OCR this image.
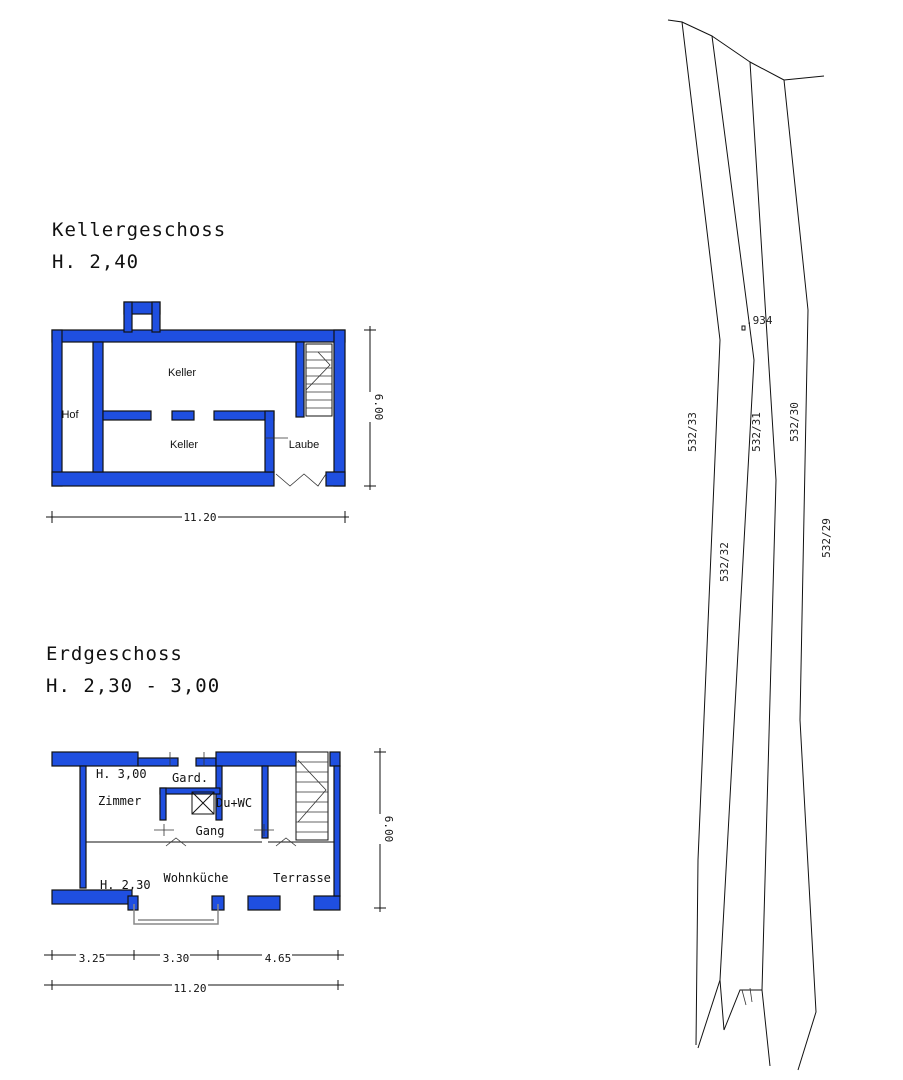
Kellergeschoss
H. 2,40
Keller
Keller
Hof
Laube
11.20
6.00
Erdgeschoss
H. 2,30 - 3,00
H. 3,00
Zimmer
Gard.
Du+WC
Gang
H. 2,30 Wohnküche	Terrasse
6.00
3.25	3.30	4.65
11.20
.934
532/33	532/31 532/30
532/32
532/29
